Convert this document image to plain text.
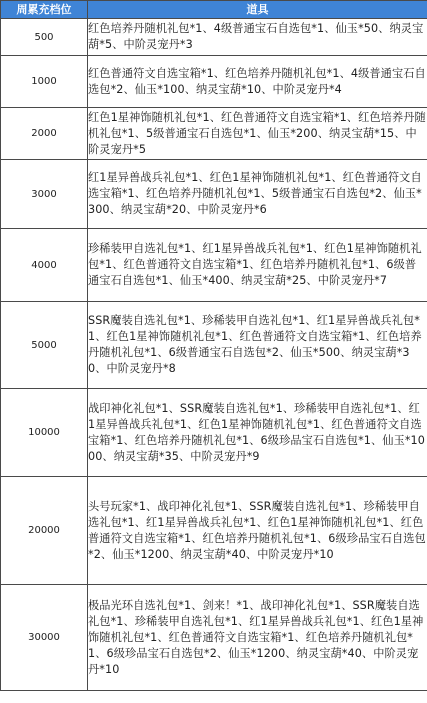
周累充档位	道具
500	红色培养丹随机礼包*1、4级普通宝石自选包*1、仙玉*50、纳灵宝葫*5、中阶灵宠丹*3
1000	红色普通符文自选宝箱*1、红色培养丹随机礼包*1、4级普通宝石自选包*2、仙玉*100、纳灵宝葫*10、中阶灵宠丹*4
2000	红色1星神饰随机礼包*1、红色普通符文自选宝箱*1、红色培养丹随机礼包*1、5级普通宝石自选包*1、仙玉*200、纳灵宝葫*15、中阶灵宠丹*5
3000	红1星异兽战兵礼包*1、红色1星神饰随机礼包*1、红色普通符文自选宝箱*1、红色培养丹随机礼包*1、5级普通宝石自选包*2、仙玉*300、纳灵宝葫*20、中阶灵宠丹*6
4000	珍稀装甲自选礼包*1、红1星异兽战兵礼包*1、红色1星神饰随机礼包*1、红色普通符文自选宝箱*1、红色培养丹随机礼包*1、6级普通宝石自选包*1、仙玉*400、纳灵宝葫*25、中阶灵宠丹*7
5000	SSR魔装自选礼包*1、珍稀装甲自选礼包*1、红1星异兽战兵礼包*1、红色1星神饰随机礼包*1、红色普通符文自选宝箱*1、红色培养丹随机礼包*1、6级普通宝石自选包*2、仙玉*500、纳灵宝葫*30、中阶灵宠丹*8
10000	战印神化礼包*1、SSR魔装自选礼包*1、珍稀装甲自选礼包*1、红1星异兽战兵礼包*1、红色1星神饰随机礼包*1、红色普通符文自选宝箱*1、红色培养丹随机礼包*1、6级珍品宝石自选包*1、仙玉*1000、纳灵宝葫*35、中阶灵宠丹*9
20000	头号玩家*1、战印神化礼包*1、SSR魔装自选礼包*1、珍稀装甲自选礼包*1、红1星异兽战兵礼包*1、红色1星神饰随机礼包*1、红色普通符文自选宝箱*1、红色培养丹随机礼包*1、6级珍品宝石自选包*2、仙玉*1200、纳灵宝葫*40、中阶灵宠丹*10
30000	极品光环自选礼包*1、剑来！*1、战印神化礼包*1、SSR魔装自选礼包*1、珍稀装甲自选礼包*1、红1星异兽战兵礼包*1、红色1星神饰随机礼包*1、红色普通符文自选宝箱*1、红色培养丹随机礼包*1、6级珍品宝石自选包*2、仙玉*1200、纳灵宝葫*40、中阶灵宠丹*10
